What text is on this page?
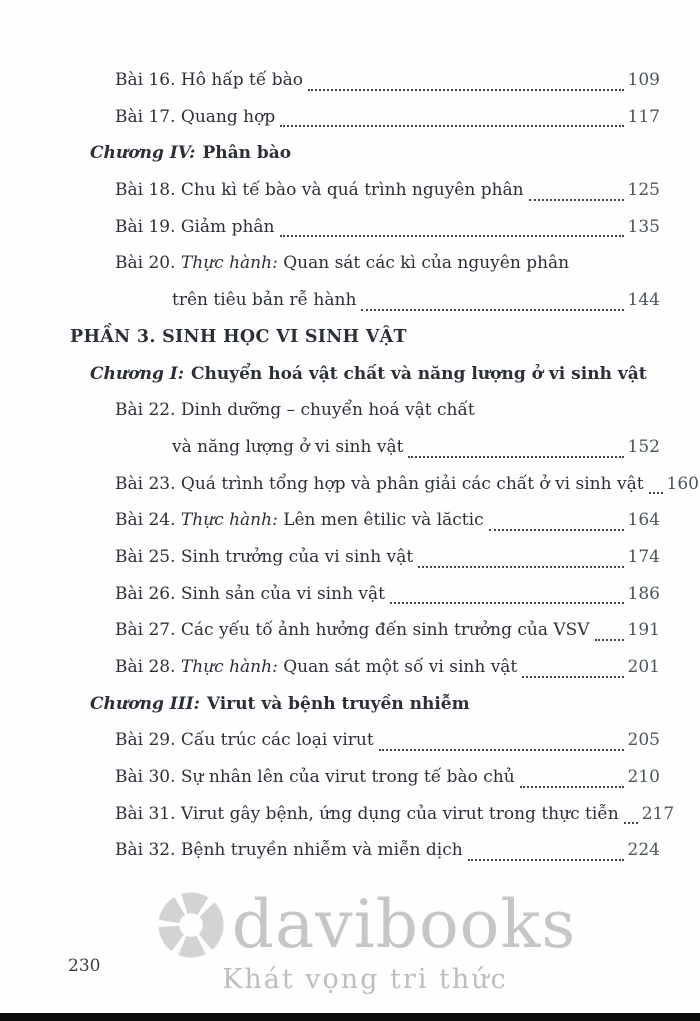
Bài 16. Hô hấp tế bào	109
Bài 17. Quang hợp	117
Chương IV: Phân bào
Bài 18. Chu kì tế bào và quá trình nguyên phân	125
Bài 19. Giảm phân	135
Bài 20. Thực hành: Quan sát các kì của nguyên phân
trên tiêu bản rễ hành	144
PHẦN 3. SINH HỌC VI SINH VẬT
Chương I: Chuyển hoá vật chất và năng lượng ở vi sinh vật
Bài 22. Dinh dưỡng – chuyển hoá vật chất
và năng lượng ở vi sinh vật	152
Bài 23. Quá trình tổng hợp và phân giải các chất ở vi sinh vật 160
Bài 24. Thực hành: Lên men êtilic và lăctic	164
Bài 25. Sinh trưởng của vi sinh vật	174
Bài 26. Sinh sản của vi sinh vật	186
Bài 27. Các yếu tố ảnh hưởng đến sinh trưởng của VSV 191
Bài 28. Thực hành: Quan sát một số vi sinh vật	201
Chương III: Virut và bệnh truyền nhiễm
Bài 29. Cấu trúc các loại virut	205
Bài 30. Sự nhân lên của virut trong tế bào chủ	210
Bài 31. Virut gây bệnh, ứng dụng của virut trong thực tiễn 217
Bài 32. Bệnh truyền nhiễm và miễn dịch	224
davibooks
Khát vọng tri thức
230
